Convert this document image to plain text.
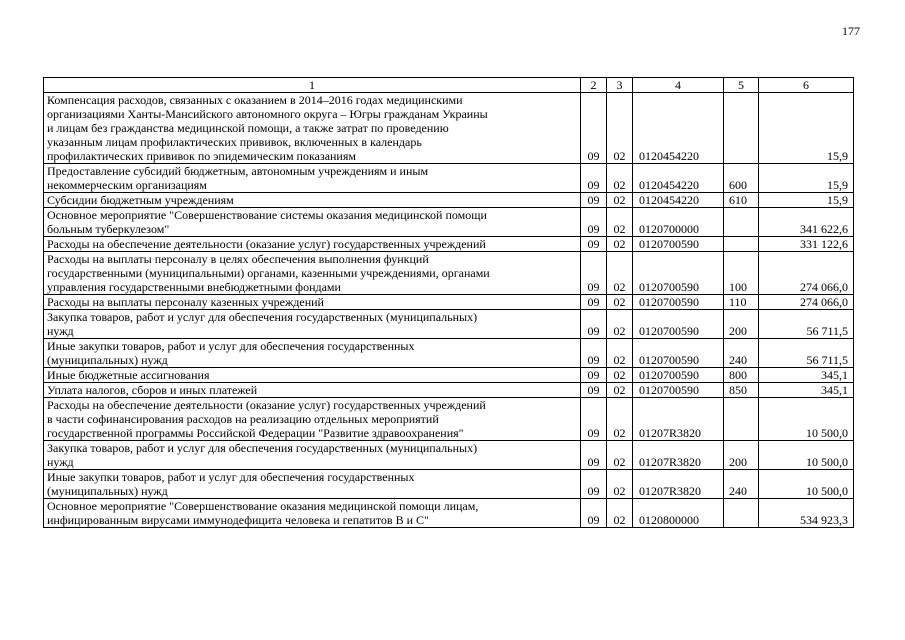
177
1	2	3	4	5	6

Компенсация расходов, связанных с оказанием в 2014–2016 годах медицинскими
организациями Ханты-Мансийского автономного округа – Югры гражданам Украины
и лицам без гражданства медицинской помощи, а также затрат по проведению
указанным лицам профилактических прививок, включенных в календарь
профилактических прививок по эпидемическим показаниям	09	02	0120454220		15,9

Предоставление субсидий бюджетным, автономным учреждениям и иным
некоммерческим организациям	09	02	0120454220	600	15,9

Субсидии бюджетным учреждениям	09	02	0120454220	610	15,9

Основное мероприятие "Совершенствование системы оказания медицинской помощи
больным туберкулезом"	09	02	0120700000		341 622,6

Расходы на обеспечение деятельности (оказание услуг) государственных учреждений	09	02	0120700590		331 122,6

Расходы на выплаты персоналу в целях обеспечения выполнения функций
государственными (муниципальными) органами, казенными учреждениями, органами
управления государственными внебюджетными фондами	09	02	0120700590	100	274 066,0

Расходы на выплаты персоналу казенных учреждений	09	02	0120700590	110	274 066,0

Закупка товаров, работ и услуг для обеспечения государственных (муниципальных)
нужд	09	02	0120700590	200	56 711,5

Иные закупки товаров, работ и услуг для обеспечения государственных
(муниципальных) нужд	09	02	0120700590	240	56 711,5

Иные бюджетные ассигнования	09	02	0120700590	800	345,1

Уплата налогов, сборов и иных платежей	09	02	0120700590	850	345,1

Расходы на обеспечение деятельности (оказание услуг) государственных учреждений
в части софинансирования расходов на реализацию отдельных мероприятий
государственной программы Российской Федерации "Развитие здравоохранения"	09	02	01207R3820		10 500,0

Закупка товаров, работ и услуг для обеспечения государственных (муниципальных)
нужд	09	02	01207R3820	200	10 500,0

Иные закупки товаров, работ и услуг для обеспечения государственных
(муниципальных) нужд	09	02	01207R3820	240	10 500,0

Основное мероприятие "Совершенствование оказания медицинской помощи лицам,
инфицированным вирусами иммунодефицита человека и гепатитов В и С"	09	02	0120800000		534 923,3
